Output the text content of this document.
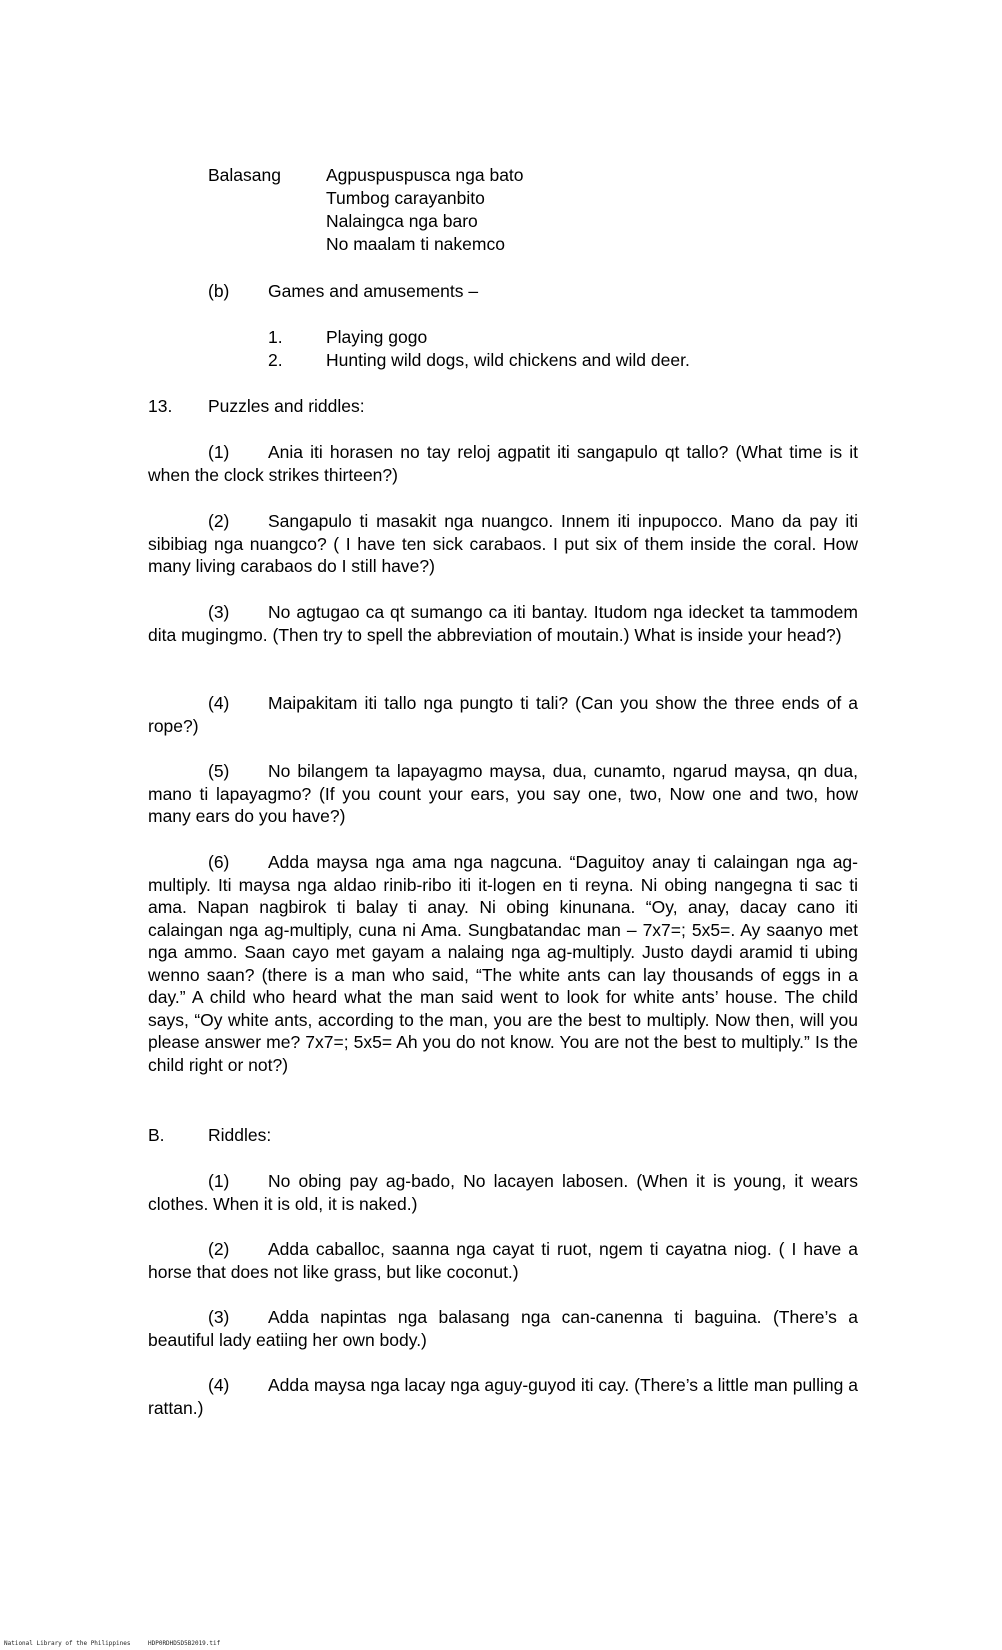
Balasang	Agpuspuspusca nga bato
Tumbog carayanbito
Nalaingca nga baro
No maalam ti nakemco
(b) Games and amusements –
1. Playing gogo
2. Hunting wild dogs, wild chickens and wild deer.
13. Puzzles and riddles:
(1) Ania iti horasen no tay reloj agpatit iti sangapulo qt tallo? (What time is it when the clock strikes thirteen?)
(2) Sangapulo ti masakit nga nuangco. Innem iti inpupocco. Mano da pay iti sibibiag nga nuangco? ( I have ten sick carabaos. I put six of them inside the coral. How many living carabaos do I still have?)
(3) No agtugao ca qt sumango ca iti bantay. Itudom nga idecket ta tammodem dita mugingmo. (Then try to spell the abbreviation of moutain.) What is inside your head?)
(4) Maipakitam iti tallo nga pungto ti tali? (Can you show the three ends of a rope?)
(5) No bilangem ta lapayagmo maysa, dua, cunamto, ngarud maysa, qn dua, mano ti lapayagmo? (If you count your ears, you say one, two, Now one and two, how many ears do you have?)
(6) Adda maysa nga ama nga nagcuna. “Daguitoy anay ti calaingan nga ag-multiply. Iti maysa nga aldao rinib-ribo iti it-logen en ti reyna. Ni obing nangegna ti sac ti ama. Napan nagbirok ti balay ti anay. Ni obing kinunana. “Oy, anay, dacay cano iti calaingan nga ag-multiply, cuna ni Ama. Sungbatandac man – 7x7=; 5x5=. Ay saanyo met nga ammo. Saan cayo met gayam a nalaing nga ag-multiply. Justo daydi aramid ti ubing wenno saan? (there is a man who said, “The white ants can lay thousands of eggs in a day.” A child who heard what the man said went to look for white ants’ house. The child says, “Oy white ants, according to the man, you are the best to multiply. Now then, will you please answer me? 7x7=; 5x5= Ah you do not know. You are not the best to multiply.” Is the child right or not?)
B. Riddles:
(1) No obing pay ag-bado, No lacayen labosen. (When it is young, it wears clothes. When it is old, it is naked.)
(2) Adda caballoc, saanna nga cayat ti ruot, ngem ti cayatna niog. ( I have a horse that does not like grass, but like coconut.)
(3) Adda napintas nga balasang nga can-canenna ti baguina. (There’s a beautiful lady eatiing her own body.)
(4) Adda maysa nga lacay nga aguy-guyod iti cay. (There’s a little man pulling a rattan.)
National Library of the Philippines	HDP0RDHD5D5B2019.tif
